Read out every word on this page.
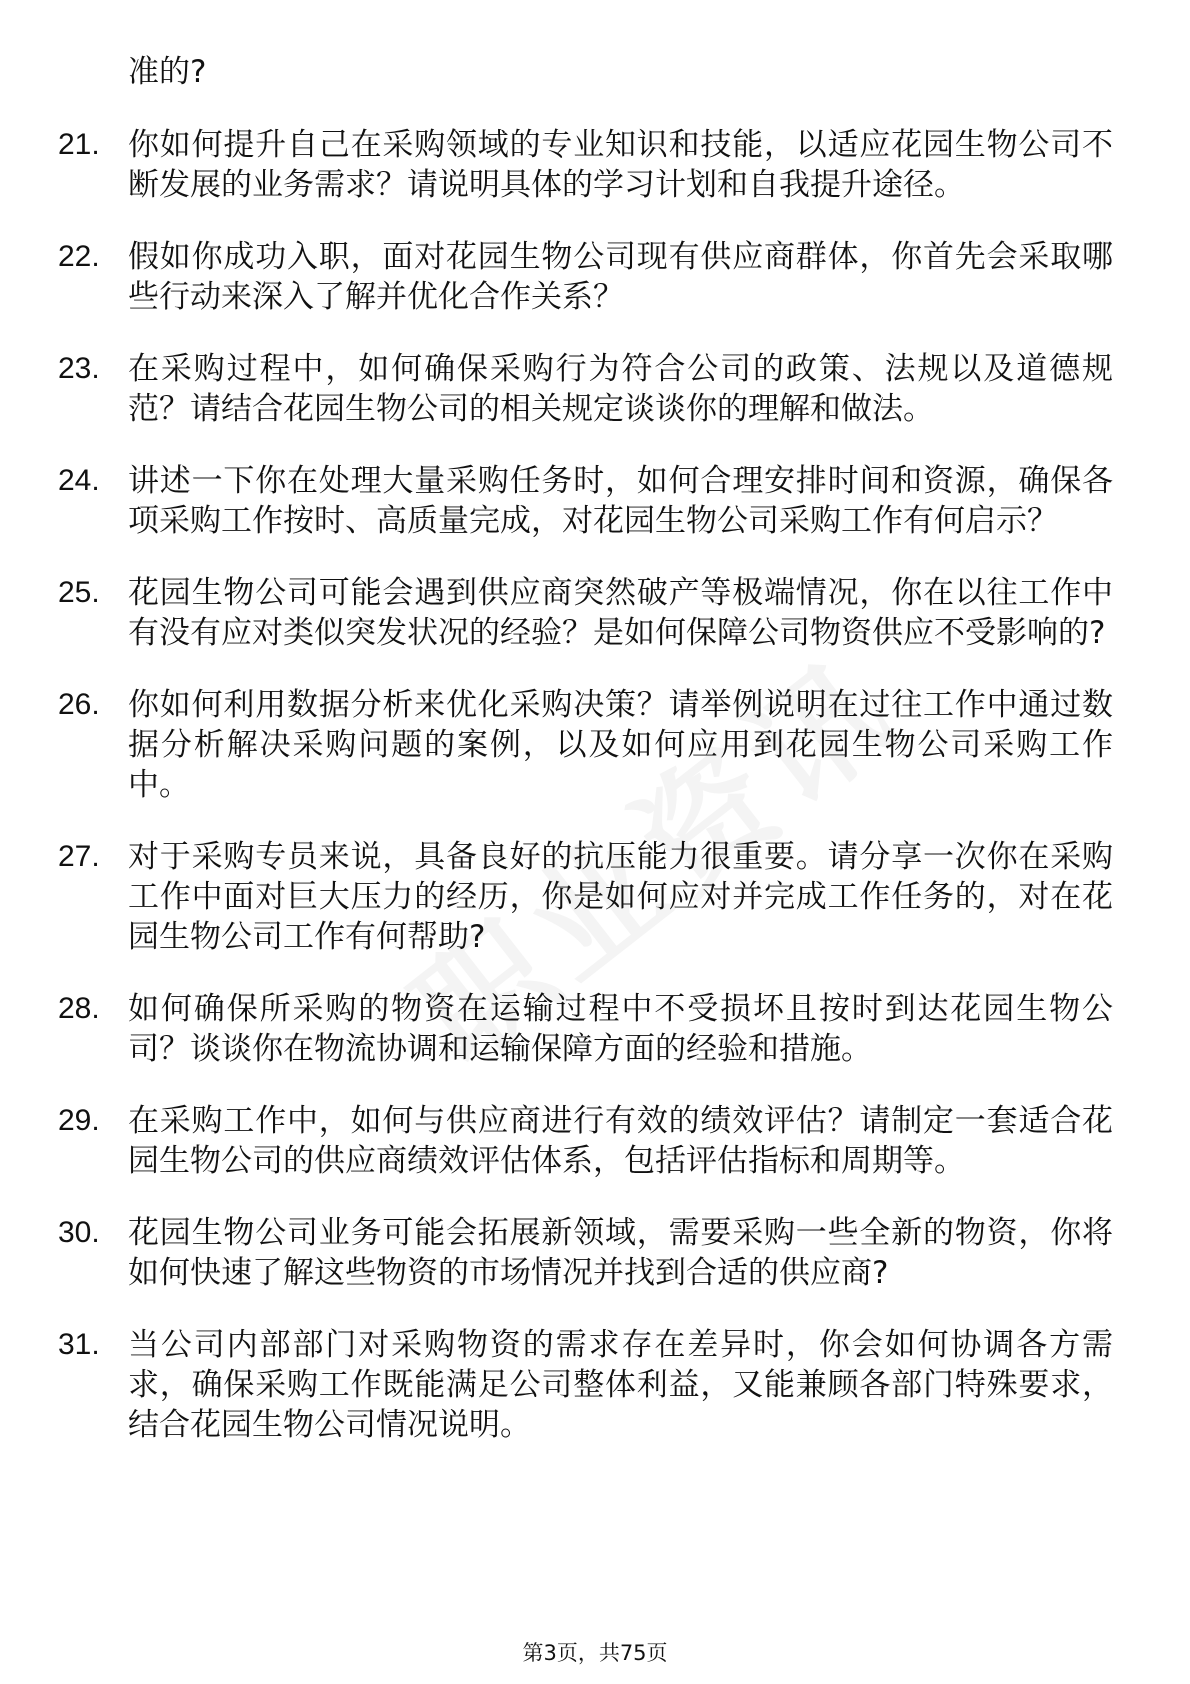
准的?
21. 你如何提升自己在采购领域的专业知识和技能，以适应花园生物公司不断发展的业务需求？请说明具体的学习计划和自我提升途径。
22. 假如你成功入职，面对花园生物公司现有供应商群体，你首先会采取哪些行动来深入了解并优化合作关系？
23. 在采购过程中，如何确保采购行为符合公司的政策、法规以及道德规范？请结合花园生物公司的相关规定谈谈你的理解和做法。
24. 讲述一下你在处理大量采购任务时，如何合理安排时间和资源，确保各项采购工作按时、高质量完成，对花园生物公司采购工作有何启示？
25. 花园生物公司可能会遇到供应商突然破产等极端情况，你在以往工作中有没有应对类似突发状况的经验？是如何保障公司物资供应不受影响的?
26. 你如何利用数据分析来优化采购决策？请举例说明在过往工作中通过数据分析解决采购问题的案例，以及如何应用到花园生物公司采购工作中。
27. 对于采购专员来说，具备良好的抗压能力很重要。请分享一次你在采购工作中面对巨大压力的经历，你是如何应对并完成工作任务的，对在花园生物公司工作有何帮助?
28. 如何确保所采购的物资在运输过程中不受损坏且按时到达花园生物公司？谈谈你在物流协调和运输保障方面的经验和措施。
29. 在采购工作中，如何与供应商进行有效的绩效评估？请制定一套适合花园生物公司的供应商绩效评估体系，包括评估指标和周期等。
30. 花园生物公司业务可能会拓展新领域，需要采购一些全新的物资，你将如何快速了解这些物资的市场情况并找到合适的供应商?
31. 当公司内部部门对采购物资的需求存在差异时，你会如何协调各方需求，确保采购工作既能满足公司整体利益，又能兼顾各部门特殊要求，结合花园生物公司情况说明。
第3页，共75页
